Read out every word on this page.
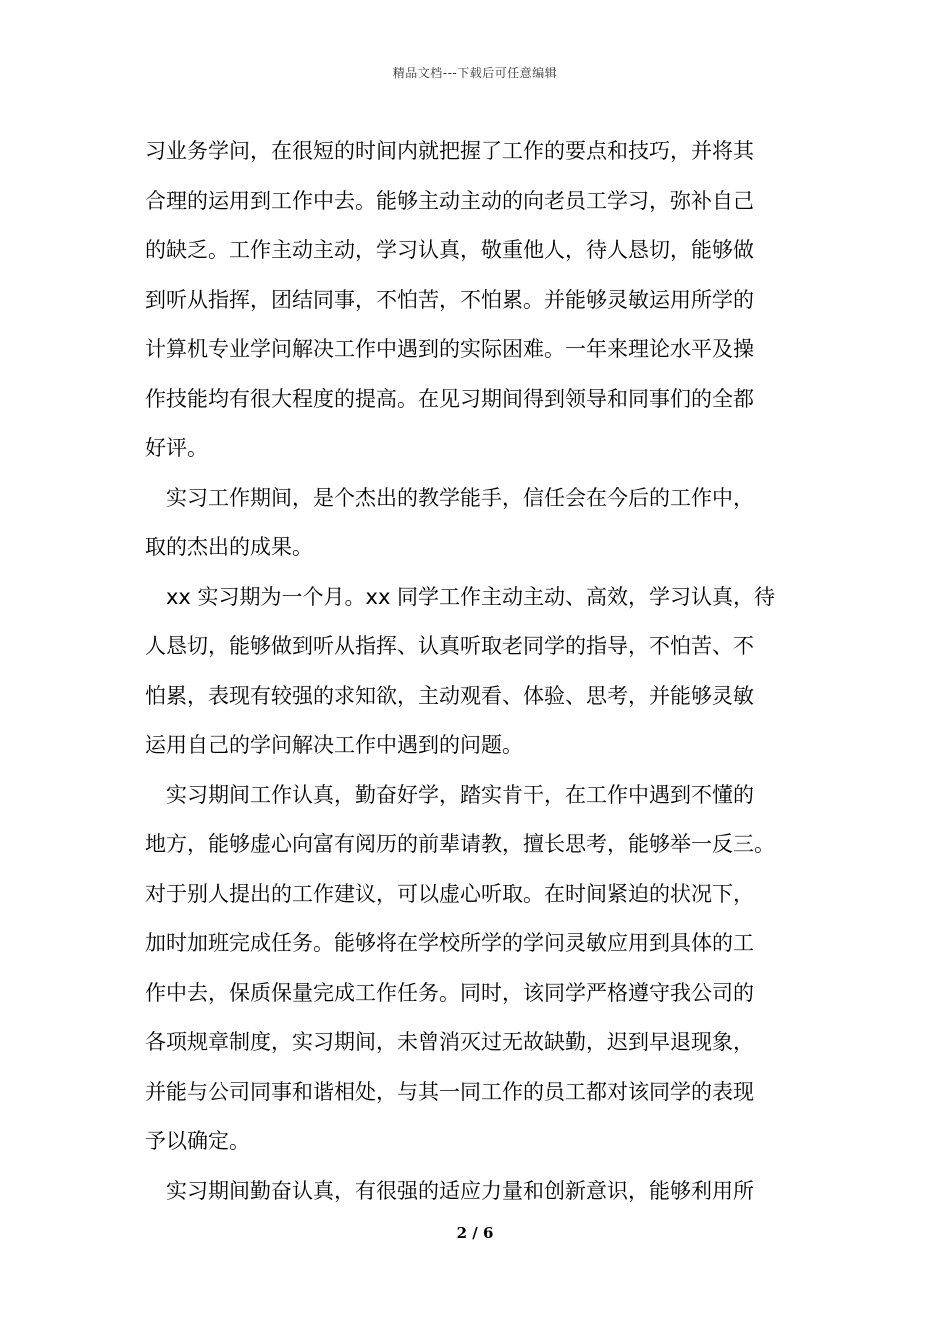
精品文档---下载后可任意编辑
习业务学问，在很短的时间内就把握了工作的要点和技巧，并将其
合理的运用到工作中去。能够主动主动的向老员工学习，弥补自己
的缺乏。工作主动主动，学习认真，敬重他人，待人恳切，能够做
到听从指挥，团结同事，不怕苦，不怕累。并能够灵敏运用所学的
计算机专业学问解决工作中遇到的实际困难。一年来理论水平及操
作技能均有很大程度的提高。在见习期间得到领导和同事们的全都
好评。
实习工作期间，是个杰出的教学能手，信任会在今后的工作中，
取的杰出的成果。
xx 实习期为一个月。xx 同学工作主动主动、高效，学习认真，待
人恳切，能够做到听从指挥、认真听取老同学的指导，不怕苦、不
怕累，表现有较强的求知欲，主动观看、体验、思考，并能够灵敏
运用自己的学问解决工作中遇到的问题。
实习期间工作认真，勤奋好学，踏实肯干，在工作中遇到不懂的
地方，能够虚心向富有阅历的前辈请教，擅长思考，能够举一反三。
对于别人提出的工作建议，可以虚心听取。在时间紧迫的状况下，
加时加班完成任务。能够将在学校所学的学问灵敏应用到具体的工
作中去，保质保量完成工作任务。同时，该同学严格遵守我公司的
各项规章制度，实习期间，未曾消灭过无故缺勤，迟到早退现象，
并能与公司同事和谐相处，与其一同工作的员工都对该同学的表现
予以确定。
实习期间勤奋认真，有很强的适应力量和创新意识，能够利用所
2 / 6
